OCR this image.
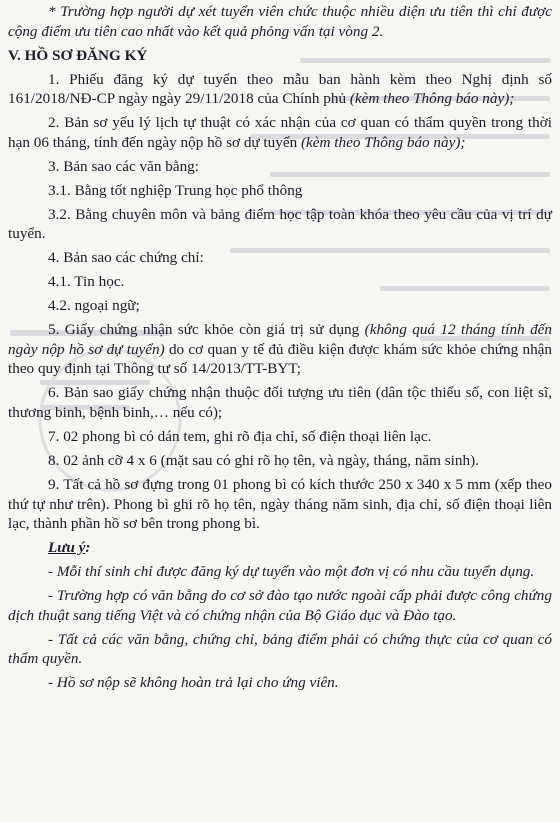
* Trường hợp người dự xét tuyển viên chức thuộc nhiều diện ưu tiên thì chỉ được cộng điểm ưu tiên cao nhất vào kết quả phỏng vấn tại vòng 2.

V. HỒ SƠ ĐĂNG KÝ

1. Phiếu đăng ký dự tuyển theo mẫu ban hành kèm theo Nghị định số 161/2018/NĐ-CP ngày ngày 29/11/2018 của Chính phủ (kèm theo Thông báo này);

2. Bản sơ yếu lý lịch tự thuật có xác nhận của cơ quan có thẩm quyền trong thời hạn 06 tháng, tính đến ngày nộp hồ sơ dự tuyển (kèm theo Thông báo này);

3. Bản sao các văn bằng:

3.1. Bằng tốt nghiệp Trung học phổ thông

3.2. Bằng chuyên môn và bảng điểm học tập toàn khóa theo yêu cầu của vị trí dự tuyển.

4. Bản sao các chứng chỉ:

4.1. Tin học.

4.2. ngoại ngữ;

5. Giấy chứng nhận sức khỏe còn giá trị sử dụng (không quá 12 tháng tính đến ngày nộp hồ sơ dự tuyển) do cơ quan y tế đủ điều kiện được khám sức khỏe chứng nhận theo quy định tại Thông tư số 14/2013/TT-BYT;

6. Bản sao giấy chứng nhận thuộc đối tượng ưu tiên (dân tộc thiểu số, con liệt sĩ, thương binh, bệnh binh,… nếu có);

7. 02 phong bì có dán tem, ghi rõ địa chỉ, số điện thoại liên lạc.

8. 02 ảnh cỡ 4 x 6 (mặt sau có ghi rõ họ tên, và ngày, tháng, năm sinh).

9. Tất cả hồ sơ đựng trong 01 phong bì có kích thước 250 x 340 x 5 mm (xếp theo thứ tự như trên). Phong bì ghi rõ họ tên, ngày tháng năm sinh, địa chỉ, số điện thoại liên lạc, thành phần hồ sơ bên trong phong bì.

Lưu ý:

- Mỗi thí sinh chỉ được đăng ký dự tuyển vào một đơn vị có nhu cầu tuyển dụng.

- Trường hợp có văn bằng do cơ sở đào tạo nước ngoài cấp phải được công chứng dịch thuật sang tiếng Việt và có chứng nhận của Bộ Giáo dục và Đào tạo.

- Tất cả các văn bằng, chứng chỉ, bảng điểm phải có chứng thực của cơ quan có thẩm quyền.

- Hồ sơ nộp sẽ không hoàn trả lại cho ứng viên.
